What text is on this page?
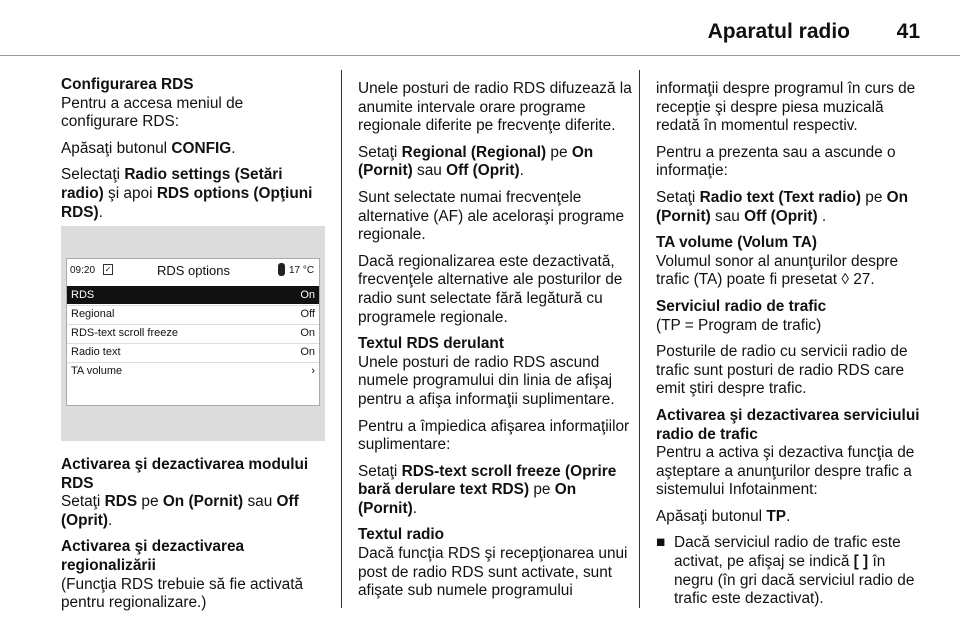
Aparatul radio	41

Configurarea RDS

Pentru a accesa meniul de configurare RDS:

Apăsaţi butonul CONFIG.

Selectaţi Radio settings (Setări radio) şi apoi RDS options (Opţiuni RDS).

09:20 ✓	RDS options	17 °C
RDS	On
Regional	Off
RDS-text scroll freeze	On
Radio text	On
TA volume	›

Activarea şi dezactivarea modului RDS

Setaţi RDS pe On (Pornit) sau Off (Oprit).

Activarea şi dezactivarea regionalizării

(Funcţia RDS trebuie să fie activată pentru regionalizare.)

Unele posturi de radio RDS difuzează la anumite intervale orare programe regionale diferite pe frecvenţe diferite.

Setaţi Regional (Regional) pe On (Pornit) sau Off (Oprit).

Sunt selectate numai frecvenţele alternative (AF) ale aceloraşi programe regionale.

Dacă regionalizarea este dezactivată, frecvenţele alternative ale posturilor de radio sunt selectate fără legătură cu programele regionale.

Textul RDS derulant

Unele posturi de radio RDS ascund numele programului din linia de afişaj pentru a afişa informaţii suplimentare.

Pentru a împiedica afişarea informaţiilor suplimentare:

Setaţi RDS-text scroll freeze (Oprire bară derulare text RDS) pe On (Pornit).

Textul radio

Dacă funcţia RDS şi recepţionarea unui post de radio RDS sunt activate, sunt afişate sub numele programului

informaţii despre programul în curs de recepţie şi despre piesa muzicală redată în momentul respectiv.

Pentru a prezenta sau a ascunde o informaţie:

Setaţi Radio text (Text radio) pe On (Pornit) sau Off (Oprit) .

TA volume (Volum TA)

Volumul sonor al anunţurilor despre trafic (TA) poate fi presetat ◊ 27.

Serviciul radio de trafic

(TP = Program de trafic)

Posturile de radio cu servicii radio de trafic sunt posturi de radio RDS care emit ştiri despre trafic.

Activarea şi dezactivarea serviciului radio de trafic

Pentru a activa şi dezactiva funcţia de aşteptare a anunţurilor despre trafic a sistemului Infotainment:

Apăsaţi butonul TP.

■ Dacă serviciul radio de trafic este activat, pe afişaj se indică [ ] în negru (în gri dacă serviciul radio de trafic este dezactivat).
